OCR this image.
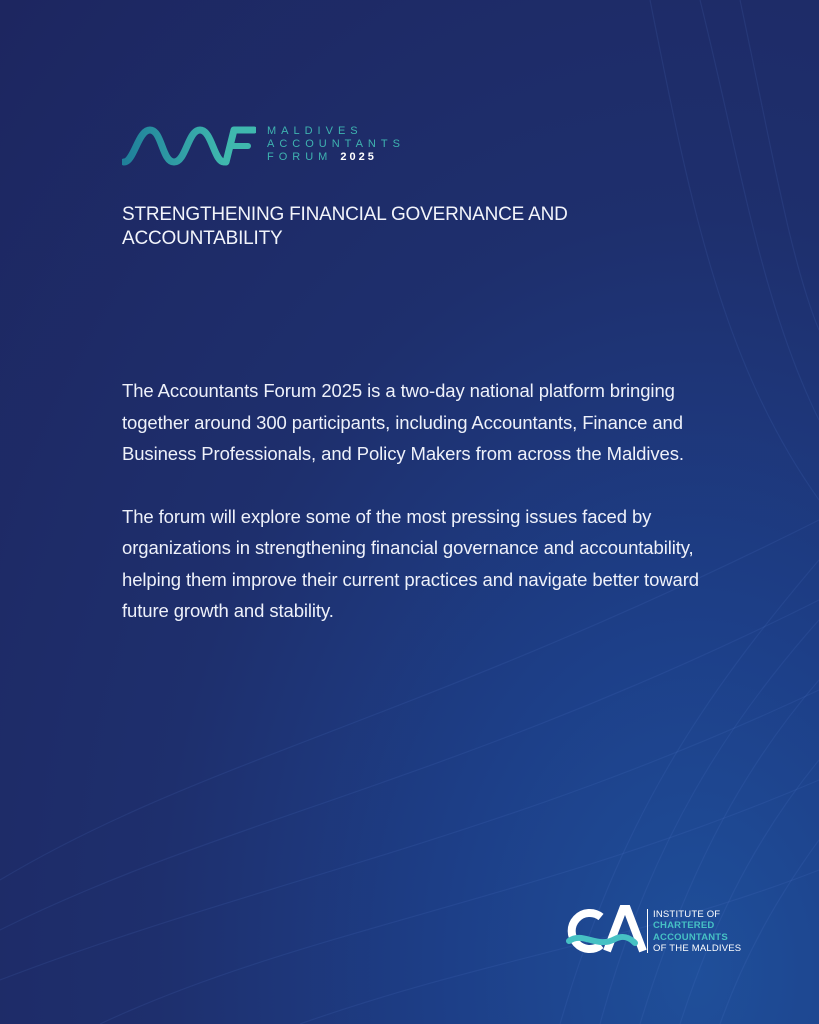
MALDIVES
ACCOUNTANTS
FORUM 2025
STRENGTHENING FINANCIAL GOVERNANCE AND ACCOUNTABILITY

The Accountants Forum 2025 is a two-day national platform bringing together around 300 participants, including Accountants, Finance and Business Professionals, and Policy Makers from across the Maldives.

The forum will explore some of the most pressing issues faced by organizations in strengthening financial governance and accountability, helping them improve their current practices and navigate better toward future growth and stability.

INSTITUTE OF
CHARTERED
ACCOUNTANTS
OF THE MALDIVES
